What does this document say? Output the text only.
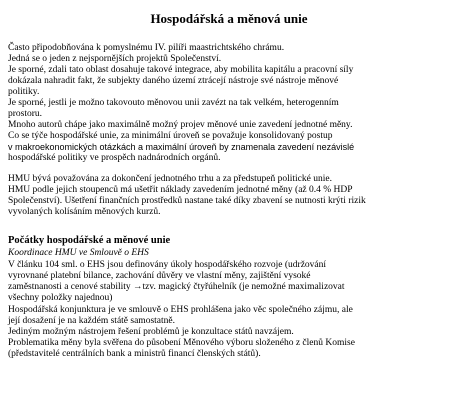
Hospodářská a měnová unie
Často připodobňována k pomyslnému IV. pilíři maastrichtského chrámu.
Jedná se o jeden z nejspornějších projektů Společenství.
Je sporné, zdali tato oblast dosahuje takové integrace, aby mobilita kapitálu a pracovní síly
dokázala nahradit fakt, že subjekty daného území ztrácejí nástroje své nástroje měnové
politiky.
Je sporné, jestli je možno takovouto měnovou unii zavézt na tak velkém, heterogenním
prostoru.
Mnoho autorů chápe jako maximálně možný projev měnové unie zavedení jednotné měny.
Co se týče hospodářské unie, za minimální úroveň se považuje konsolidovaný postup
v makroekonomických otázkách a maximální úroveň by znamenala zavedení nezávislé
hospodářské politiky ve prospěch nadnárodních orgánů.
HMU bývá považována za dokončení jednotného trhu a za předstupeň politické unie.
HMU podle jejich stoupenců má ušetřit náklady zavedením jednotné měny (až 0.4 % HDP
Společenství). Ušetření finančních prostředků nastane také díky zbavení se nutnosti krýti rizik
vyvolaných kolísáním měnových kurzů.
Počátky hospodářské a měnové unie
Koordinace HMU ve Smlouvě o EHS
V článku 104 sml. o EHS jsou definovány úkoly hospodářského rozvoje (udržování
vyrovnané platební bilance, zachování důvěry ve vlastní měny, zajištění vysoké
zaměstnanosti a cenové stability →tzv. magický čtyřúhelník (je nemožné maximalizovat
všechny položky najednou)
Hospodářská konjunktura je ve smlouvě o EHS prohlášena jako věc společného zájmu, ale
její dosažení je na každém státě samostatně.
Jediným možným nástrojem řešení problémů je konzultace států navzájem.
Problematika měny byla svěřena do působení Měnového výboru složeného z členů Komise
(představitelé centrálních bank a ministrů financí členských států).
